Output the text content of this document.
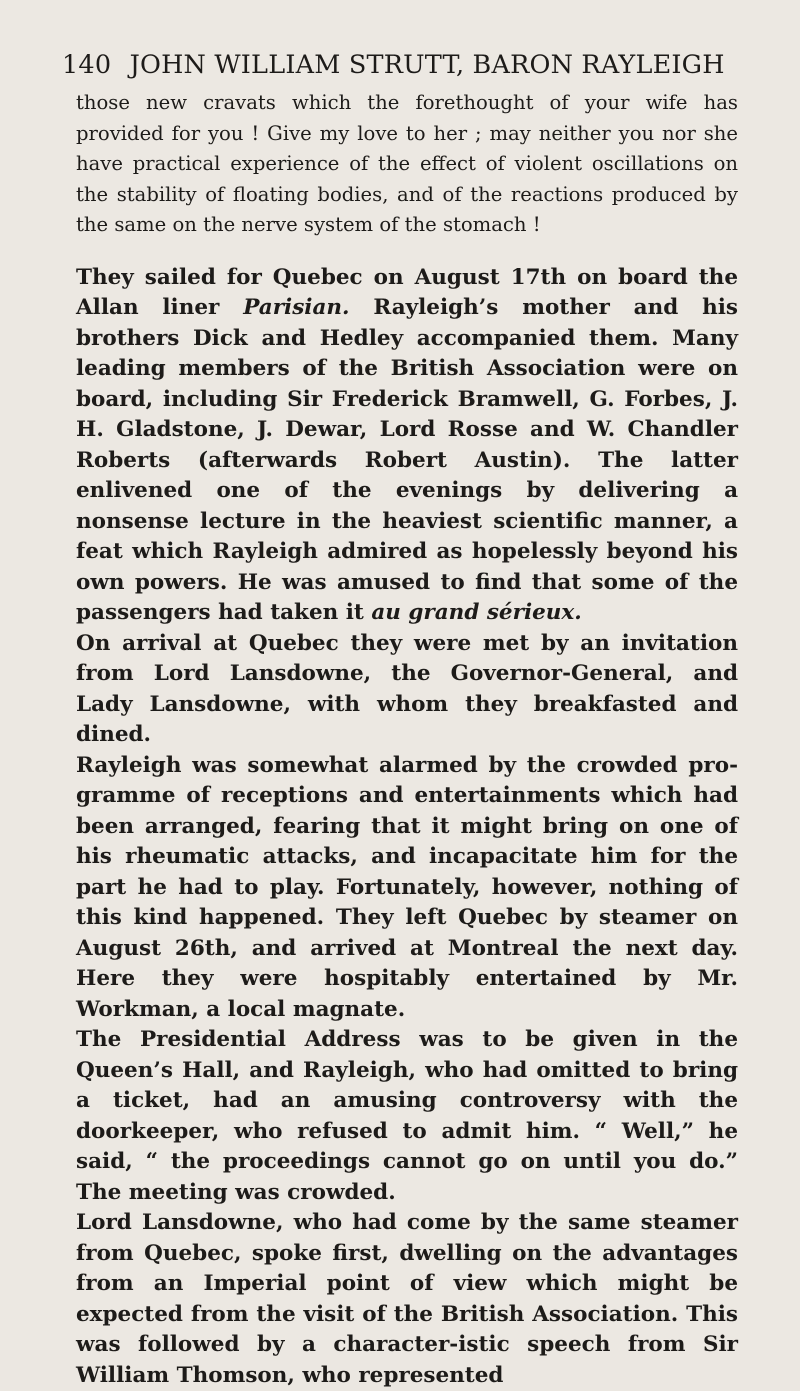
140 JOHN WILLIAM STRUTT, BARON RAYLEIGH

those new cravats which the forethought of your wife has provided for you ! Give my love to her ; may neither you nor she have practical experience of the effect of violent oscillations on the stability of floating bodies, and of the reactions produced by the same on the nerve system of the stomach !

They sailed for Quebec on August 17th on board the Allan liner Parisian. Rayleigh’s mother and his brothers Dick and Hedley accompanied them. Many leading members of the British Association were on board, including Sir Frederick Bramwell, G. Forbes, J. H. Gladstone, J. Dewar, Lord Rosse and W. Chandler Roberts (afterwards Robert Austin). The latter enlivened one of the evenings by delivering a nonsense lecture in the heaviest scientific manner, a feat which Rayleigh admired as hopelessly beyond his own powers. He was amused to find that some of the passengers had taken it au grand sérieux.

On arrival at Quebec they were met by an invitation from Lord Lansdowne, the Governor-General, and Lady Lansdowne, with whom they breakfasted and dined.

Rayleigh was somewhat alarmed by the crowded pro-gramme of receptions and entertainments which had been arranged, fearing that it might bring on one of his rheumatic attacks, and incapacitate him for the part he had to play. Fortunately, however, nothing of this kind happened. They left Quebec by steamer on August 26th, and arrived at Montreal the next day. Here they were hospitably entertained by Mr. Workman, a local magnate.

The Presidential Address was to be given in the Queen’s Hall, and Rayleigh, who had omitted to bring a ticket, had an amusing controversy with the doorkeeper, who refused to admit him. “ Well,” he said, “ the proceedings cannot go on until you do.” The meeting was crowded.

Lord Lansdowne, who had come by the same steamer from Quebec, spoke first, dwelling on the advantages from an Imperial point of view which might be expected from the visit of the British Association. This was followed by a character-istic speech from Sir William Thomson, who represented
